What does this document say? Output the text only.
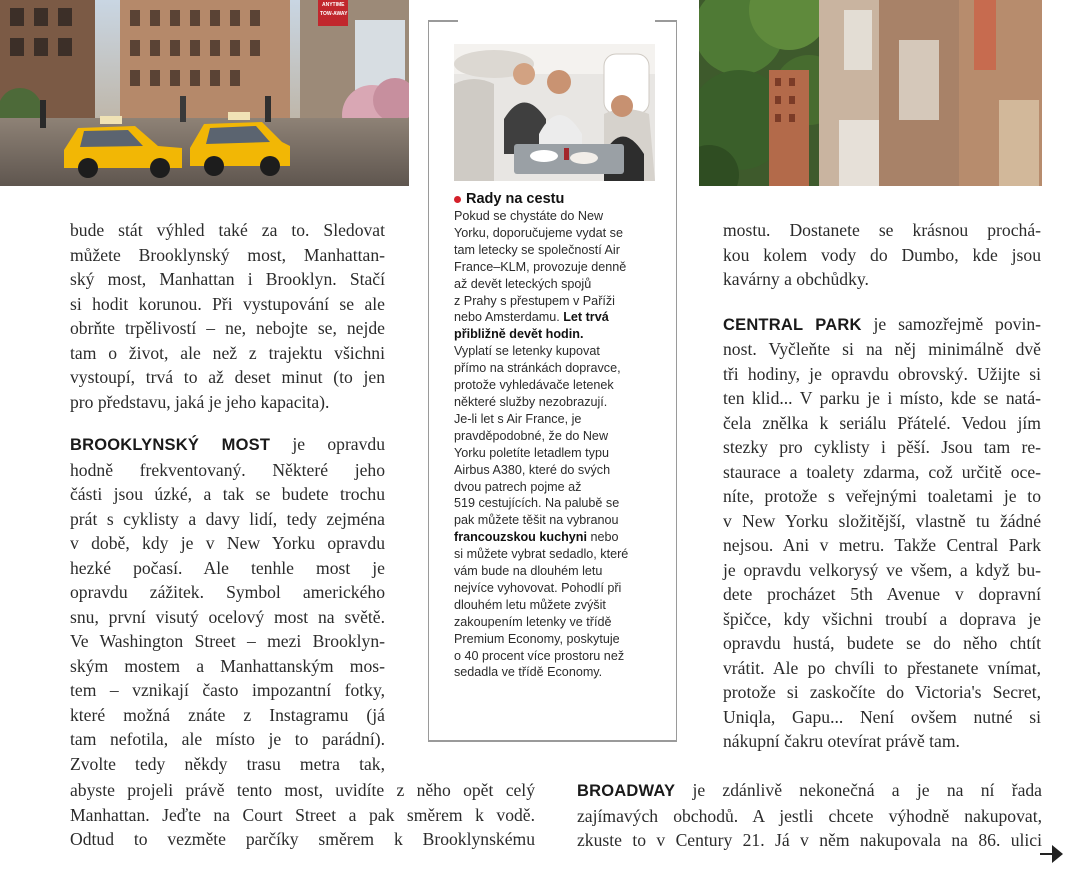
ANYTIME
TOW-AWAY
Rady na cestu
Pokud se chystáte do New
Yorku, doporučujeme vydat se
tam letecky se společností Air
France–KLM, provozuje denně
až devět leteckých spojů
z Prahy s přestupem v Paříži
nebo Amsterdamu. Let trvá
přibližně devět hodin.
Vyplatí se letenky kupovat
přímo na stránkách dopravce,
protože vyhledávače letenek
některé služby nezobrazují.
Je-li let s Air France, je
pravděpodobné, že do New
Yorku poletíte letadlem typu
Airbus A380, které do svých
dvou patrech pojme až
519 cestujících. Na palubě se
pak můžete těšit na vybranou
francouzskou kuchyni nebo
si můžete vybrat sedadlo, které
vám bude na dlouhém letu
nejvíce vyhovovat. Pohodlí při
dlouhém letu můžete zvýšit
zakoupením letenky ve třídě
Premium Economy, poskytuje
o 40 procent více prostoru než
sedadla ve třídě Economy.
bude stát výhled také za to. Sledovat
můžete Brooklynský most, Manhattan-
ský most, Manhattan i Brooklyn. Stačí
si hodit korunou. Při vystupování se ale
obrňte trpělivostí – ne, nebojte se, nejde
tam o život, ale než z trajektu všichni
vystoupí, trvá to až deset minut (to jen
pro představu, jaká je jeho kapacita).
BROOKLYNSKÝ MOST je opravdu
hodně frekventovaný. Některé jeho
části jsou úzké, a tak se budete trochu
prát s cyklisty a davy lidí, tedy zejména
v době, kdy je v New Yorku opravdu
hezké počasí. Ale tenhle most je
opravdu zážitek. Symbol amerického
snu, první visutý ocelový most na světě.
Ve Washington Street – mezi Brooklyn-
ským mostem a Manhattanským mos-
tem – vznikají často impozantní fotky,
které možná znáte z Instagramu (já
tam nefotila, ale místo je to parádní).
Zvolte tedy někdy trasu metra tak,
abyste projeli právě tento most, uvidíte z něho opět celý
Manhattan. Jeďte na Court Street a pak směrem k vodě.
Odtud to vezměte parčíky směrem k Brooklynskému
mostu. Dostanete se krásnou prochá-
kou kolem vody do Dumbo, kde jsou
kavárny a obchůdky.
CENTRAL PARK je samozřejmě povin-
nost. Vyčleňte si na něj minimálně dvě
tři hodiny, je opravdu obrovský. Užijte si
ten klid... V parku je i místo, kde se natá-
čela znělka k seriálu Přátelé. Vedou jím
stezky pro cyklisty i pěší. Jsou tam re-
staurace a toalety zdarma, což určitě oce-
níte, protože s veřejnými toaletami je to
v New Yorku složitější, vlastně tu žádné
nejsou. Ani v metru. Takže Central Park
je opravdu velkorysý ve všem, a když bu-
dete procházet 5th Avenue v dopravní
špičce, kdy všichni troubí a doprava je
opravdu hustá, budete se do něho chtít
vrátit. Ale po chvíli to přestanete vnímat,
protože si zaskočíte do Victoria's Secret,
Uniqla, Gapu... Není ovšem nutné si
nákupní čakru otevírat právě tam.
BROADWAY je zdánlivě nekonečná a je na ní řada
zajímavých obchodů. A jestli chcete výhodně nakupovat,
zkuste to v Century 21. Já v něm nakupovala na 86. ulici
